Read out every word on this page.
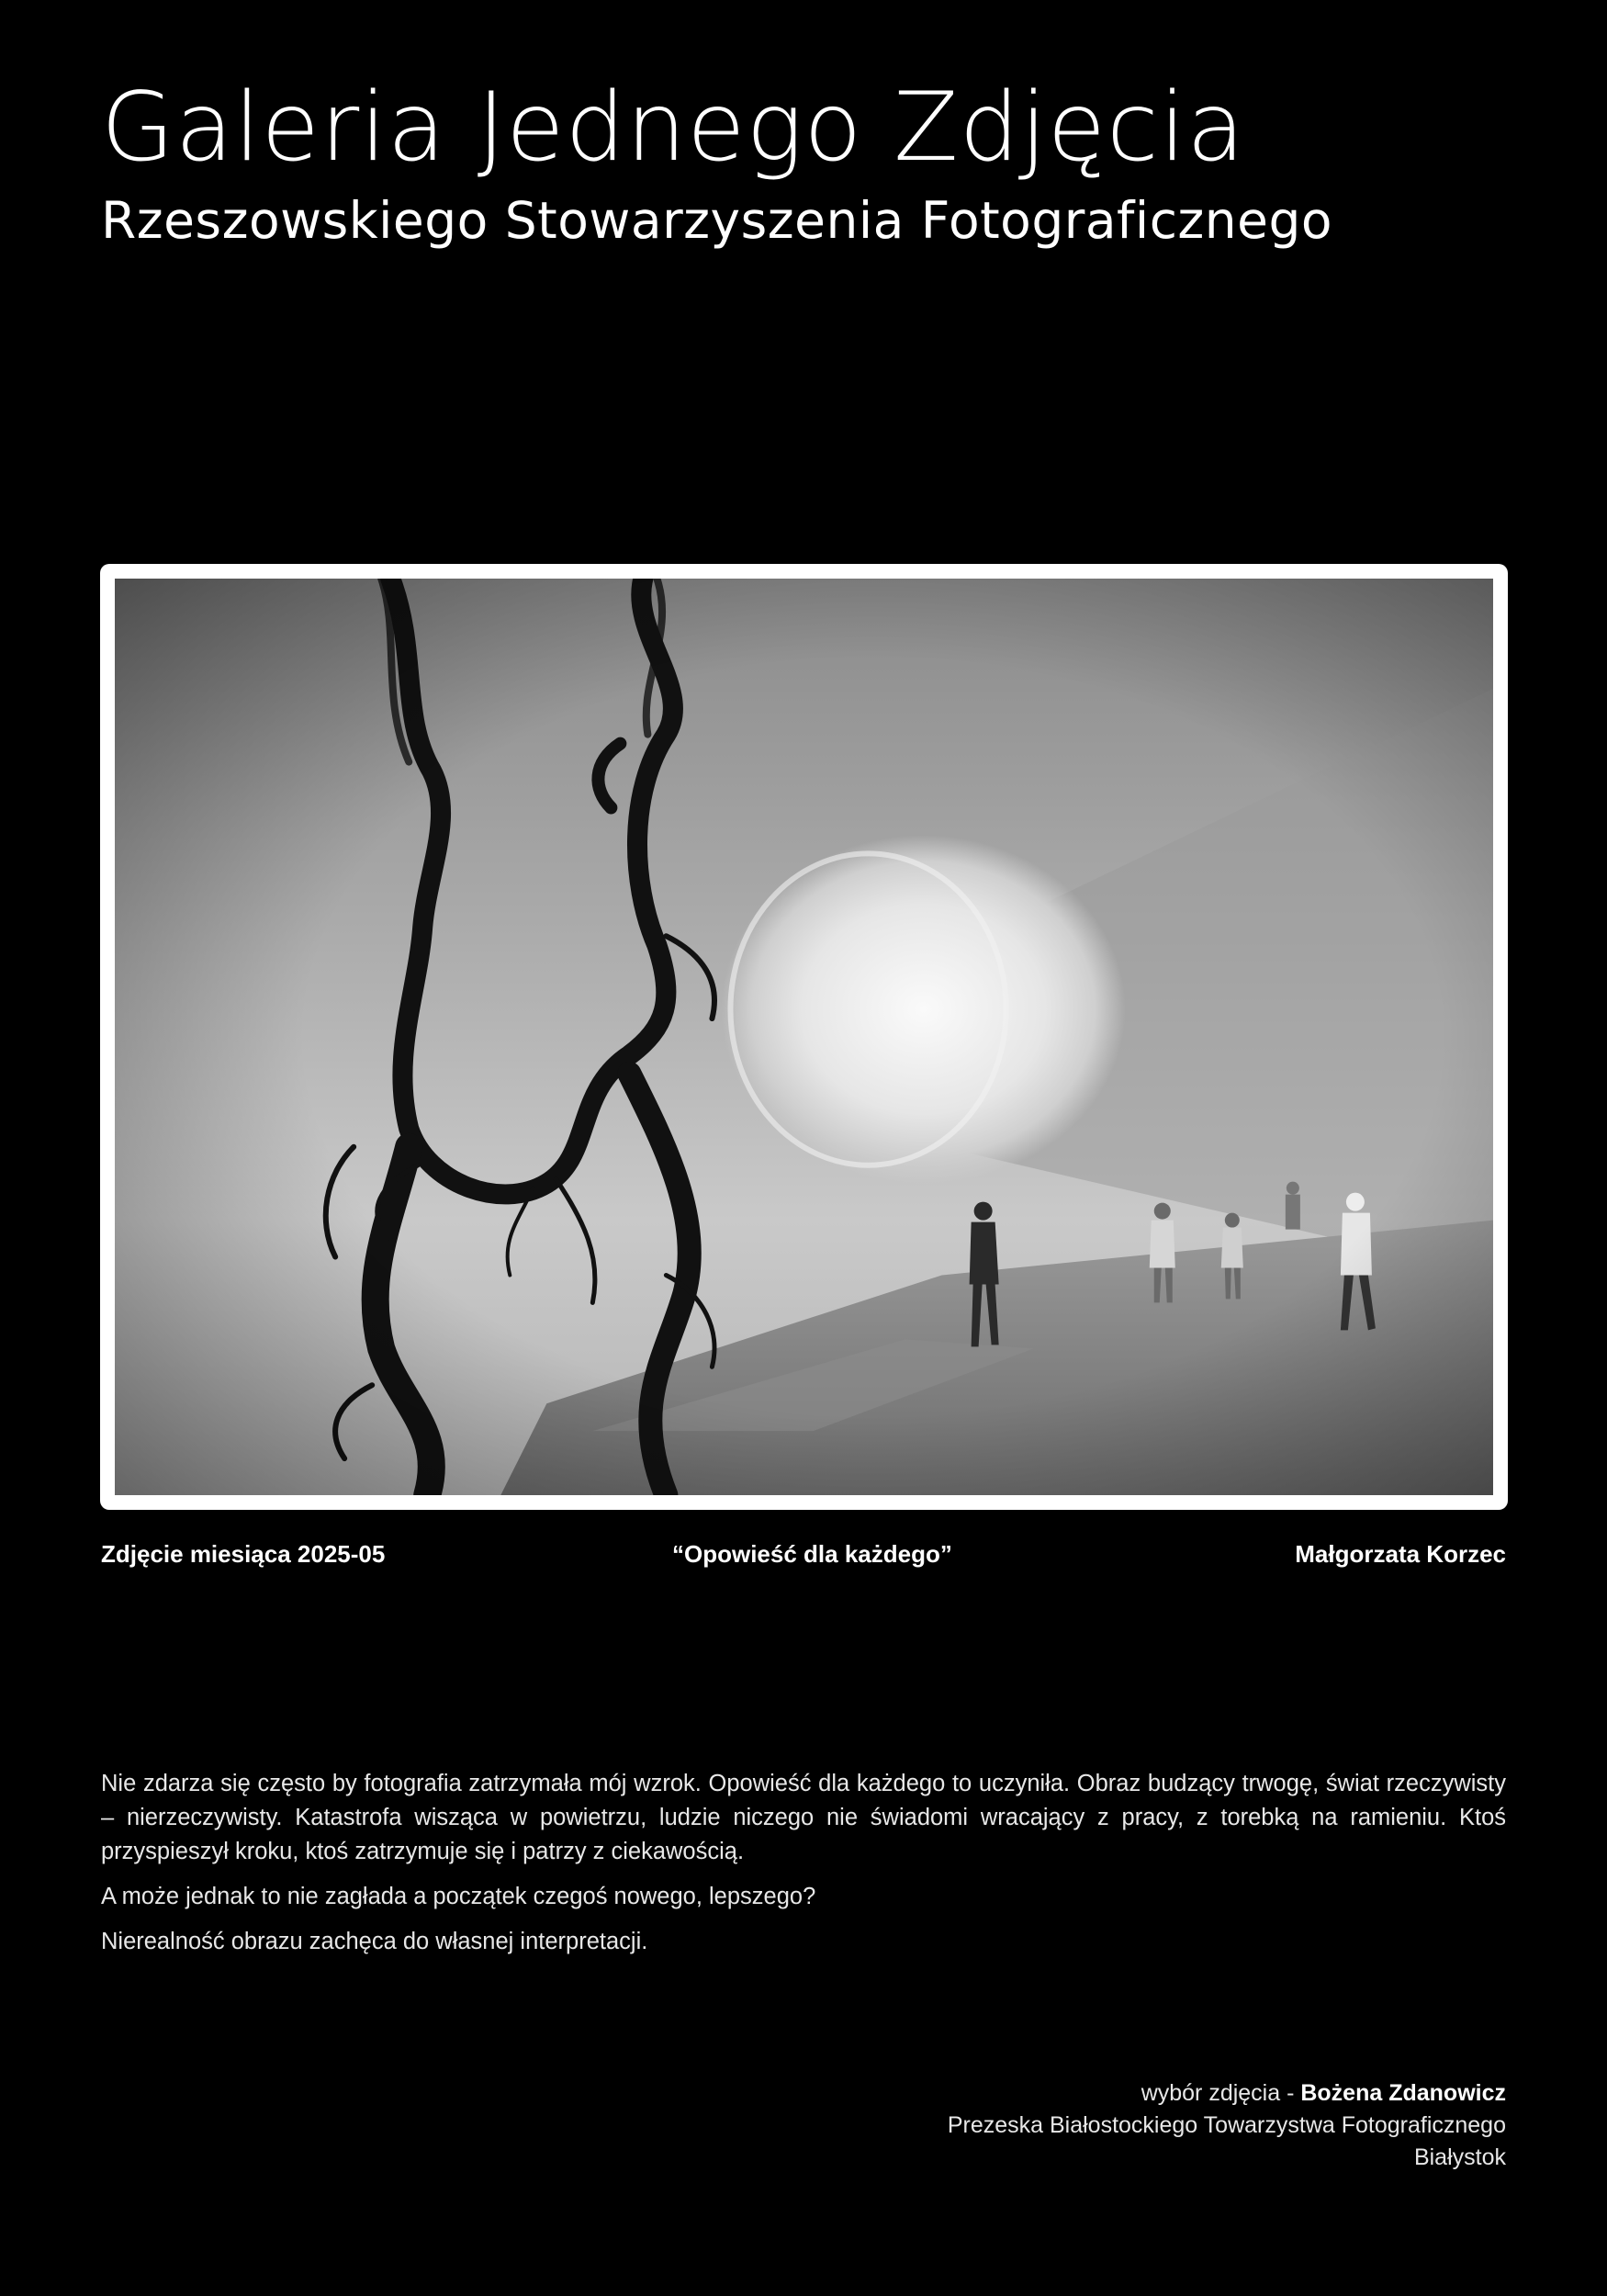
Galeria Jednego Zdjęcia
Rzeszowskiego Stowarzyszenia Fotograficznego
Zdjęcie miesiąca 2025-05	“Opowieść dla każdego”	Małgorzata Korzec

Nie zdarza się często by fotografia zatrzymała mój wzrok. Opowieść dla każdego to uczyniła. Obraz budzący trwogę, świat rzeczywisty – nierzeczywisty. Katastrofa wisząca w powietrzu, ludzie niczego nie świadomi wracający z pracy, z torebką na ramieniu. Ktoś przyspieszył kroku, ktoś zatrzymuje się i patrzy z ciekawością.

A może jednak to nie zagłada a początek czegoś nowego, lepszego?

Nierealność obrazu zachęca do własnej interpretacji.

wybór zdjęcia - Bożena Zdanowicz
Prezeska Białostockiego Towarzystwa Fotograficznego
Białystok
